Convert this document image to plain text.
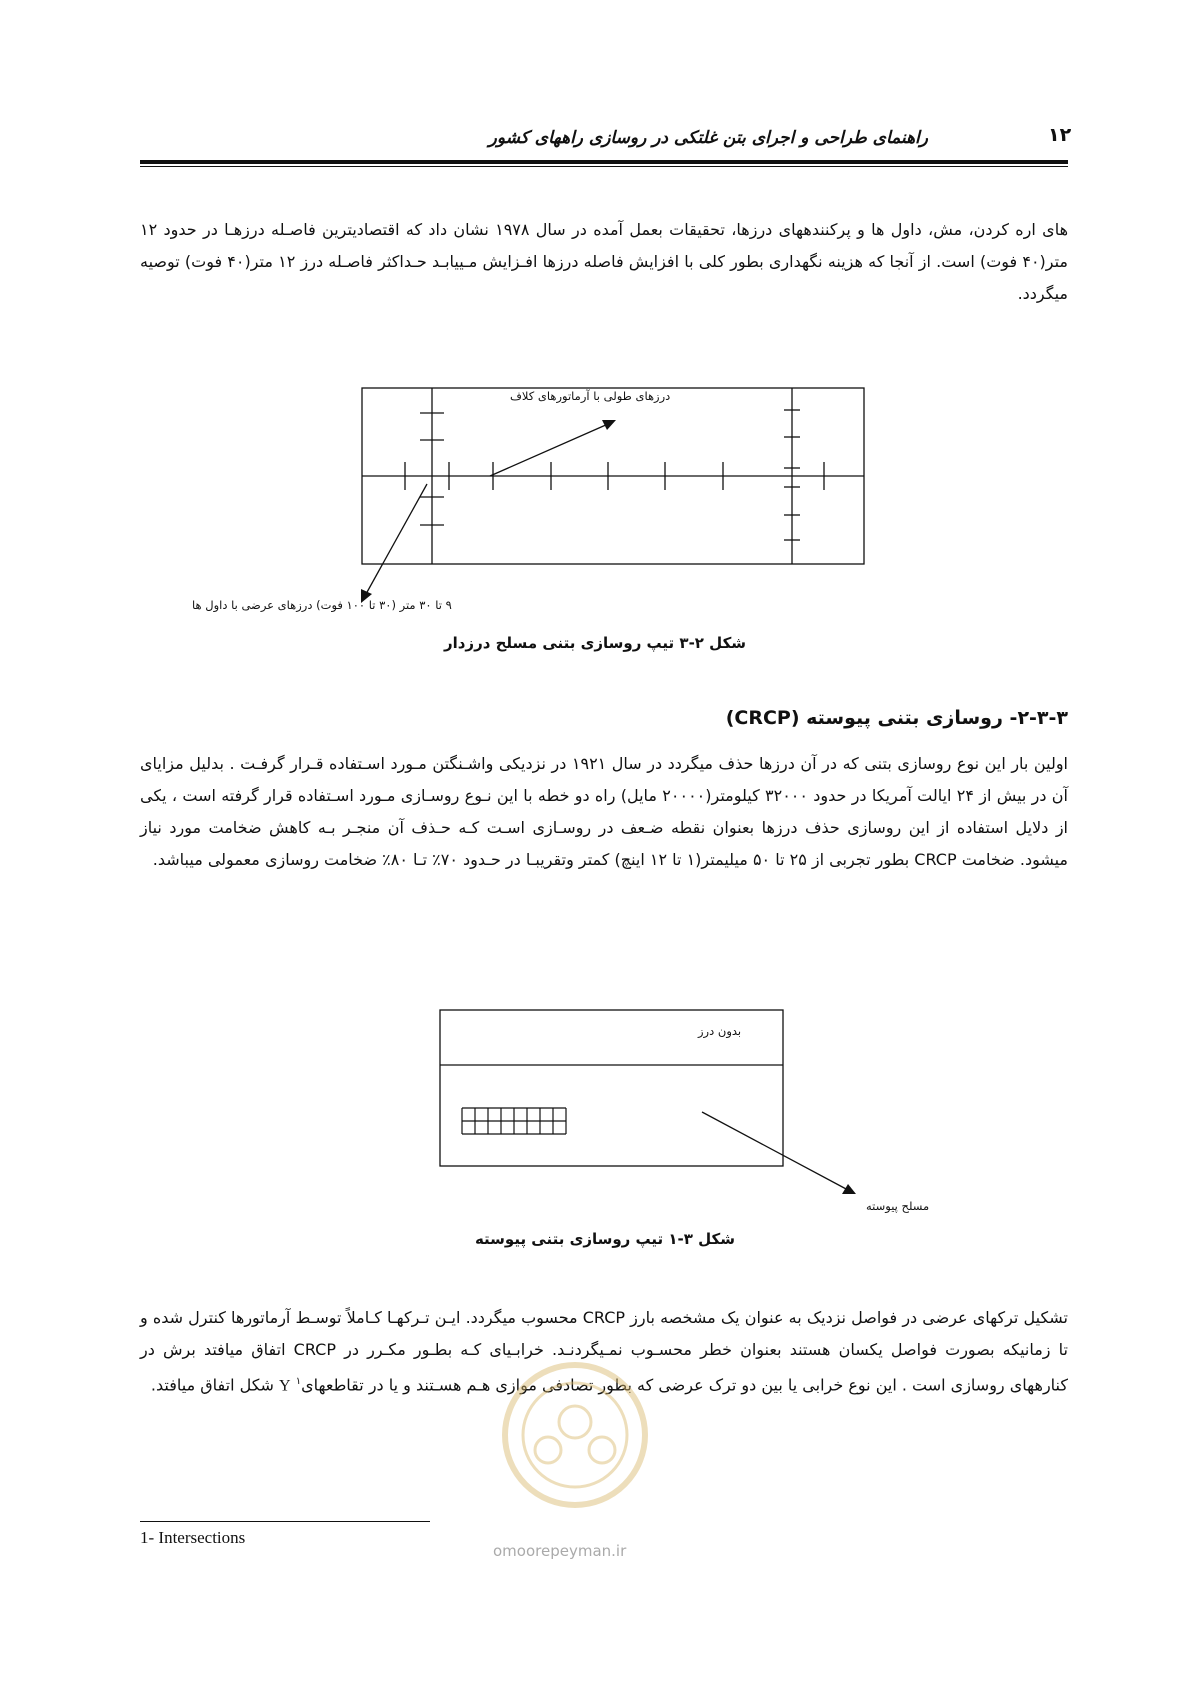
راهنمای طراحی و اجرای بتن غلتکی در روسازی راههای کشور	۱۲
های اره کردن، مش، داول ها و پرکنندههای درزها، تحقیقات بعمل آمده در سال ۱۹۷۸ نشان داد که اقتصادیترین فاصـله درزهـا در حدود ۱۲ متر(۴۰ فوت) است. از آنجا که هزینه نگهداری بطور کلی با افزایش فاصله درزها افـزایش مـییابـد حـداکثر فاصـله درز ۱۲ متر(۴۰ فوت) توصیه میگردد.
درزهای طولی با آرماتورهای کلاف
۹ تا ۳۰ متر (۳۰ تا ۱۰۰ فوت) درزهای عرضی با داول ها
شکل ۲-۳ تیپ روسازی بتنی مسلح درزدار
۲-۳-۳- روسازی بتنی پیوسته (CRCP)
اولین بار این نوع روسازی بتنی که در آن درزها حذف میگردد در سال ۱۹۲۱ در نزدیکی واشـنگتن مـورد اسـتفاده قـرار گرفـت . بدلیل مزایای آن در بیش از ۲۴ ایالت آمریکا در حدود ۳۲۰۰۰ کیلومتر(۲۰۰۰۰ مایل) راه دو خطه با این نـوع روسـازی مـورد اسـتفاده قرار گرفته است ، یکی از دلایل استفاده از این روسازی حذف درزها بعنوان نقطه ضـعف در روسـازی اسـت کـه حـذف آن منجـر بـه کاهش ضخامت مورد نیاز میشود. ضخامت CRCP بطور تجربی از ۲۵ تا ۵۰ میلیمتر(۱ تا ۱۲ اینچ) کمتر وتقریبـا در حـدود ۷۰٪ تـا ۸۰٪ ضخامت روسازی معمولی میباشد.
بدون درز
مسلح پیوسته
شکل ۳-۱ تیپ روسازی بتنی پیوسته
تشکیل ترکهای عرضی در فواصل نزدیک به عنوان یک مشخصه بارز CRCP محسوب میگردد. ایـن تـرکهـا کـاملاً توسـط آرماتورها کنترل شده و تا زمانیکه بصورت فواصل یکسان هستند بعنوان خطر محسـوب نمـیگردنـد. خرابـیای کـه بطـور مکـرر در CRCP اتفاق میافتد برش در کنارههای روسازی است . این نوع خرابی یا بین دو ترک عرضی که بطور تصادفی موازی هـم هسـتند و یا در تقاطعهای$^۱$ Y شکل اتفاق میافتد.
1- Intersections
omoorepeyman.ir
